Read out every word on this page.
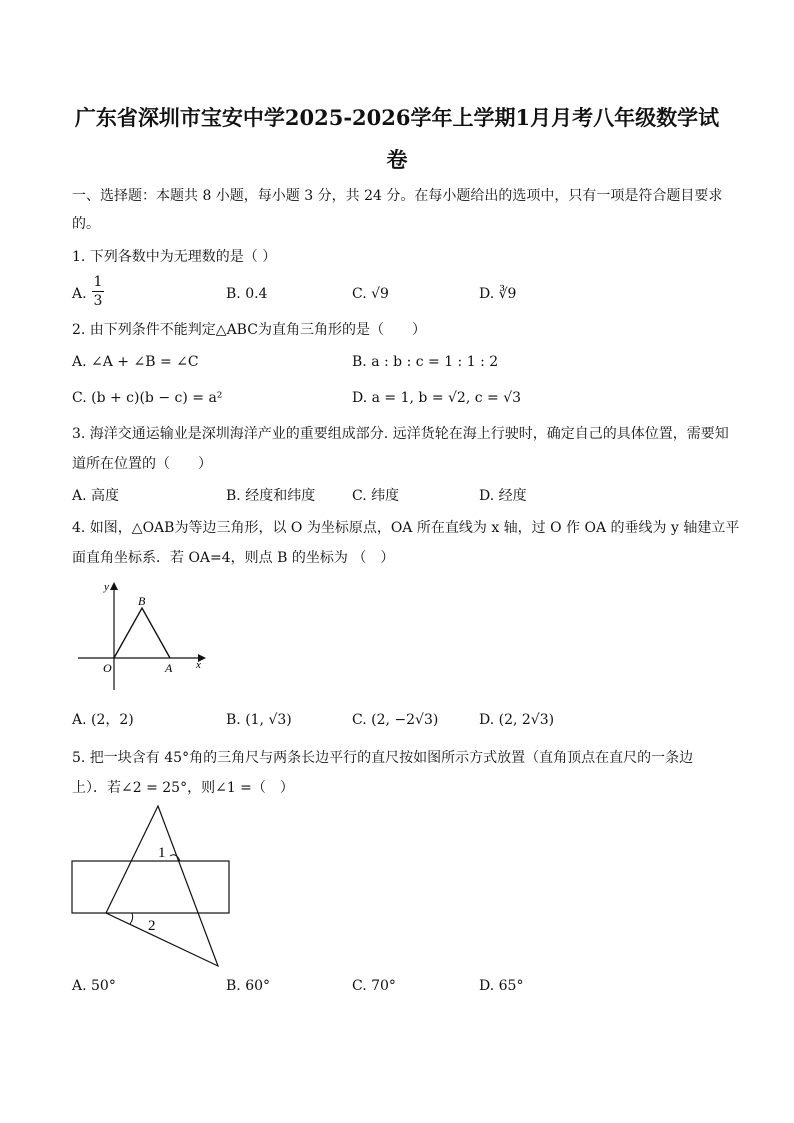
广东省深圳市宝安中学2025-2026学年上学期1月月考八年级数学试
卷
一、选择题：本题共 8 小题，每小题 3 分，共 24 分。在每小题给出的选项中，只有一项是符合题目要求
的。
1. 下列各数中为无理数的是（ ）
A.
1
3	B. 0.4	C. √9	D. ∛9
2. 由下列条件不能判定△ABC为直角三角形的是（　　）
A. ∠A + ∠B = ∠C	B. a : b : c = 1 : 1 : 2
C. (b + c)(b − c) = a²	D. a = 1, b = √2, c = √3
3. 海洋交通运输业是深圳海洋产业的重要组成部分. 远洋货轮在海上行驶时，确定自己的具体位置，需要知
道所在位置的（　　）
A. 高度	B. 经度和纬度	C. 纬度	D. 经度
4. 如图，△OAB为等边三角形，以 O 为坐标原点，OA 所在直线为 x 轴，过 O 作 OA 的垂线为 y 轴建立平
面直角坐标系．若 OA=4，则点 B 的坐标为 （　）
y
B
O	A x
A. (2，2)	B. (1, √3)	C. (2, −2√3)	D. (2, 2√3)
5. 把一块含有 45°角的三角尺与两条长边平行的直尺按如图所示方式放置（直角顶点在直尺的一条边
上）．若∠2 = 25°，则∠1 =（　）
1
2
A. 50°	B. 60°	C. 70°	D. 65°
